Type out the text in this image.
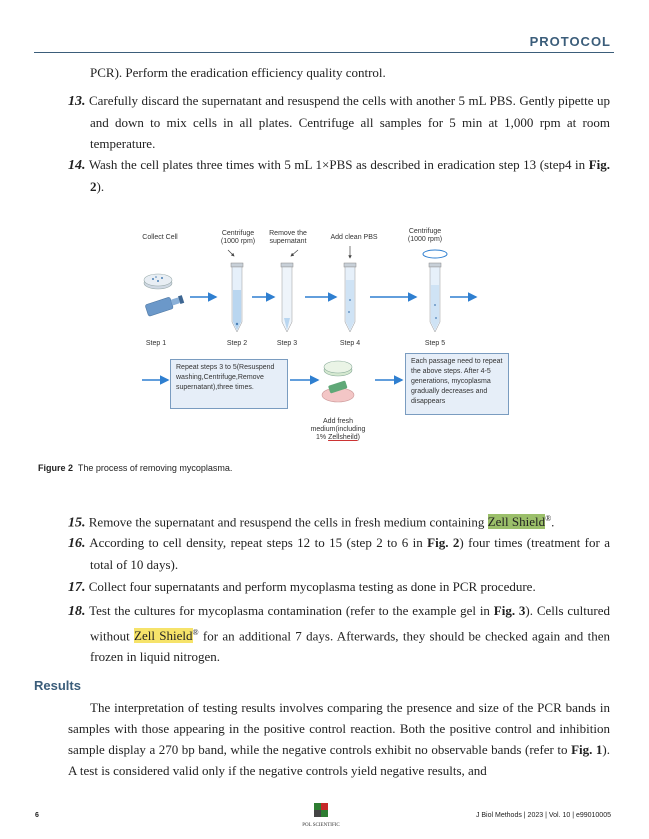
PROTOCOL
PCR). Perform the eradication efficiency quality control.
13. Carefully discard the supernatant and resuspend the cells with another 5 mL PBS. Gently pipette up and down to mix cells in all plates. Centrifuge all samples for 5 min at 1,000 rpm at room temperature.
14. Wash the cell plates three times with 5 mL 1×PBS as described in eradication step 13 (step4 in Fig. 2).
Collect Cell
Centrifuge (1000 rpm)
Remove the supernatant
Add clean PBS
Centrifuge (1000 rpm)
Step 1	Step 2	Step 3	Step 4	Step 5
Repeat steps 3 to 5(Resuspend washing,Centrifuge,Remove supernatant),three times.
Each passage need to repeat the above steps. After 4-5 generations, mycoplasma gradually decreases and disappears
Add fresh
medium(including
1% Zellsheild)
Figure 2 The process of removing mycoplasma.
15. Remove the supernatant and resuspend the cells in fresh medium containing Zell Shield®.
16. According to cell density, repeat steps 12 to 15 (step 2 to 6 in Fig. 2) four times (treatment for a total of 10 days).
17. Collect four supernatants and perform mycoplasma testing as done in PCR procedure.
18. Test the cultures for mycoplasma contamination (refer to the example gel in Fig. 3). Cells cultured without Zell Shield® for an additional 7 days. Afterwards, they should be checked again and then frozen in liquid nitrogen.
Results
The interpretation of testing results involves comparing the presence and size of the PCR bands in samples with those appearing in the positive control reaction. Both the positive control and inhibition sample display a 270 bp band, while the negative controls exhibit no observable bands (refer to Fig. 1). A test is considered valid only if the negative controls yield negative results, and
6
POL SCIENTIFIC
J Biol Methods | 2023 | Vol. 10 | e99010005
